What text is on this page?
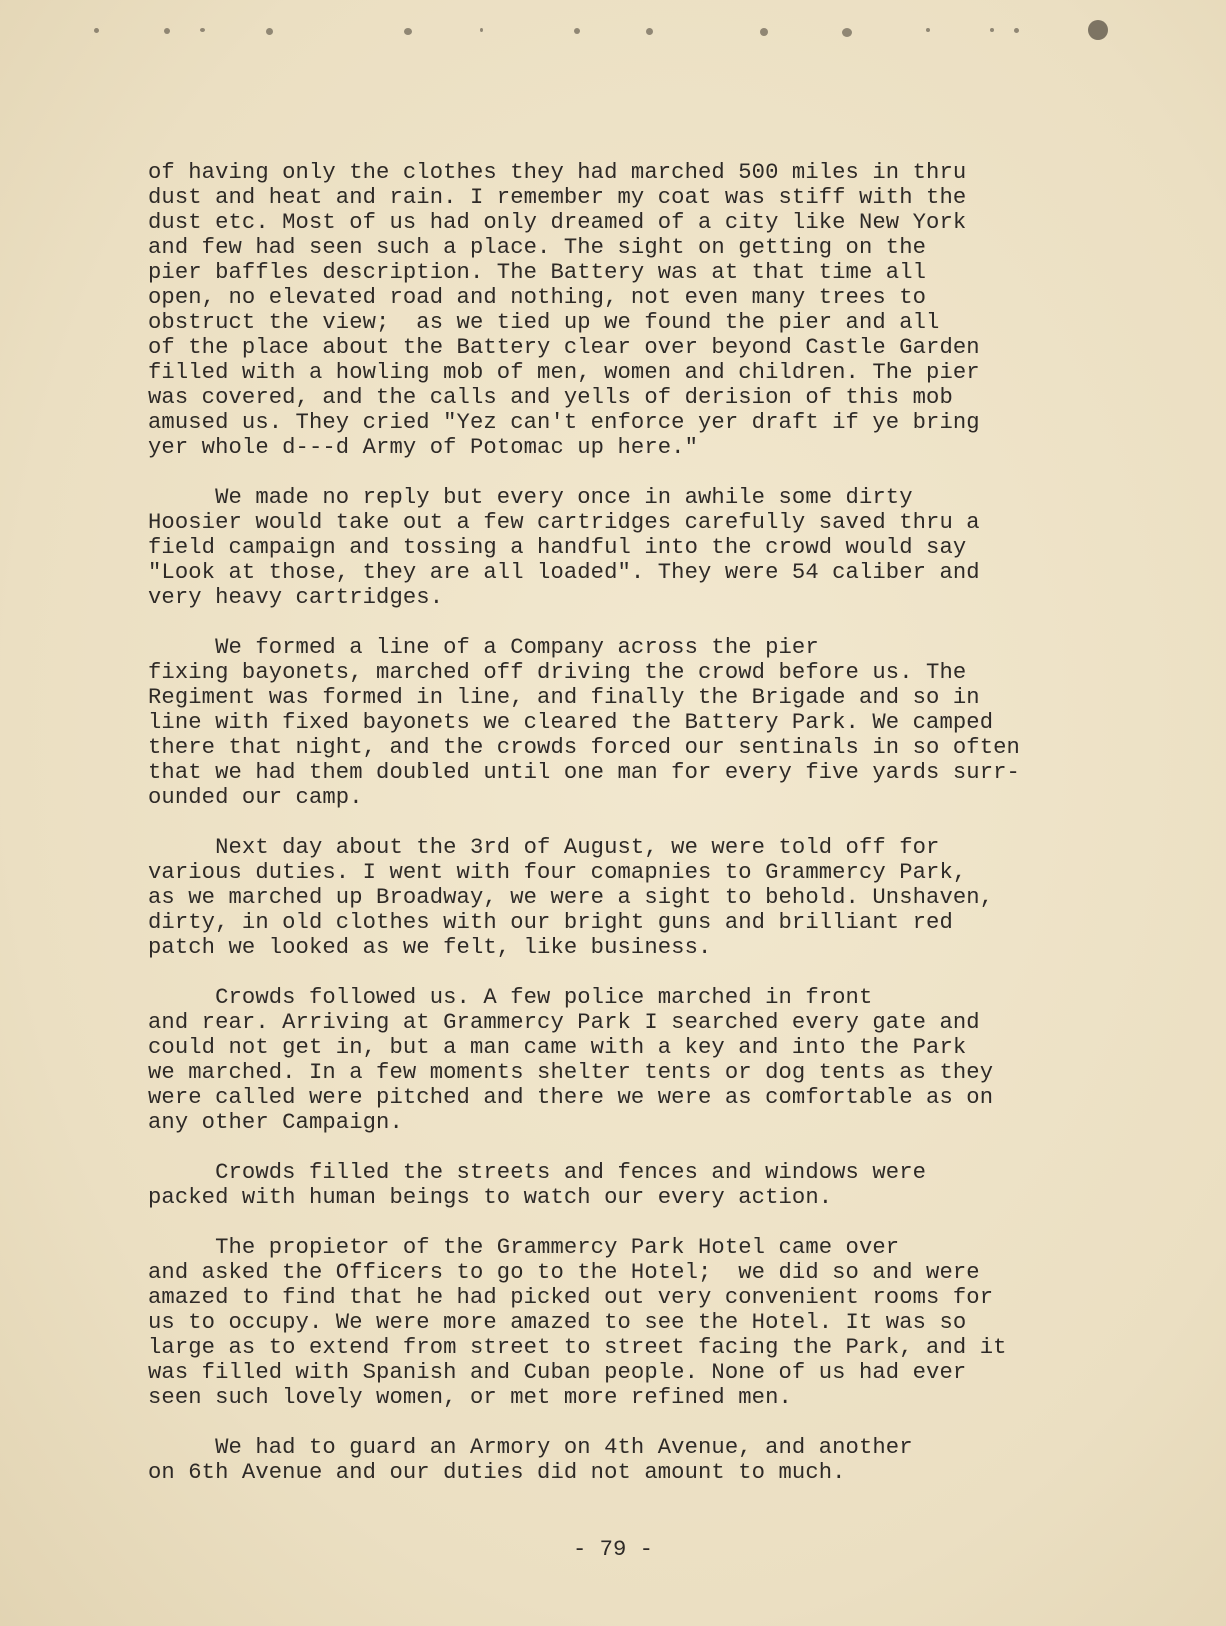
of having only the clothes they had marched 500 miles in thru
dust and heat and rain. I remember my coat was stiff with the
dust etc. Most of us had only dreamed of a city like New York
and few had seen such a place. The sight on getting on the
pier baffles description. The Battery was at that time all
open, no elevated road and nothing, not even many trees to
obstruct the view;  as we tied up we found the pier and all
of the place about the Battery clear over beyond Castle Garden
filled with a howling mob of men, women and children. The pier
was covered, and the calls and yells of derision of this mob
amused us. They cried "Yez can't enforce yer draft if ye bring
yer whole d---d Army of Potomac up here."
We made no reply but every once in awhile some dirty
Hoosier would take out a few cartridges carefully saved thru a
field campaign and tossing a handful into the crowd would say
"Look at those, they are all loaded". They were 54 caliber and
very heavy cartridges.
We formed a line of a Company across the pier
fixing bayonets, marched off driving the crowd before us. The
Regiment was formed in line, and finally the Brigade and so in
line with fixed bayonets we cleared the Battery Park. We camped
there that night, and the crowds forced our sentinals in so often
that we had them doubled until one man for every five yards surr-
ounded our camp.
Next day about the 3rd of August, we were told off for
various duties. I went with four comapnies to Grammercy Park,
as we marched up Broadway, we were a sight to behold. Unshaven,
dirty, in old clothes with our bright guns and brilliant red
patch we looked as we felt, like business.
Crowds followed us. A few police marched in front
and rear. Arriving at Grammercy Park I searched every gate and
could not get in, but a man came with a key and into the Park
we marched. In a few moments shelter tents or dog tents as they
were called were pitched and there we were as comfortable as on
any other Campaign.
Crowds filled the streets and fences and windows were
packed with human beings to watch our every action.
The propietor of the Grammercy Park Hotel came over
and asked the Officers to go to the Hotel;  we did so and were
amazed to find that he had picked out very convenient rooms for
us to occupy. We were more amazed to see the Hotel. It was so
large as to extend from street to street facing the Park, and it
was filled with Spanish and Cuban people. None of us had ever
seen such lovely women, or met more refined men.
We had to guard an Armory on 4th Avenue, and another
on 6th Avenue and our duties did not amount to much.
- 79 -
